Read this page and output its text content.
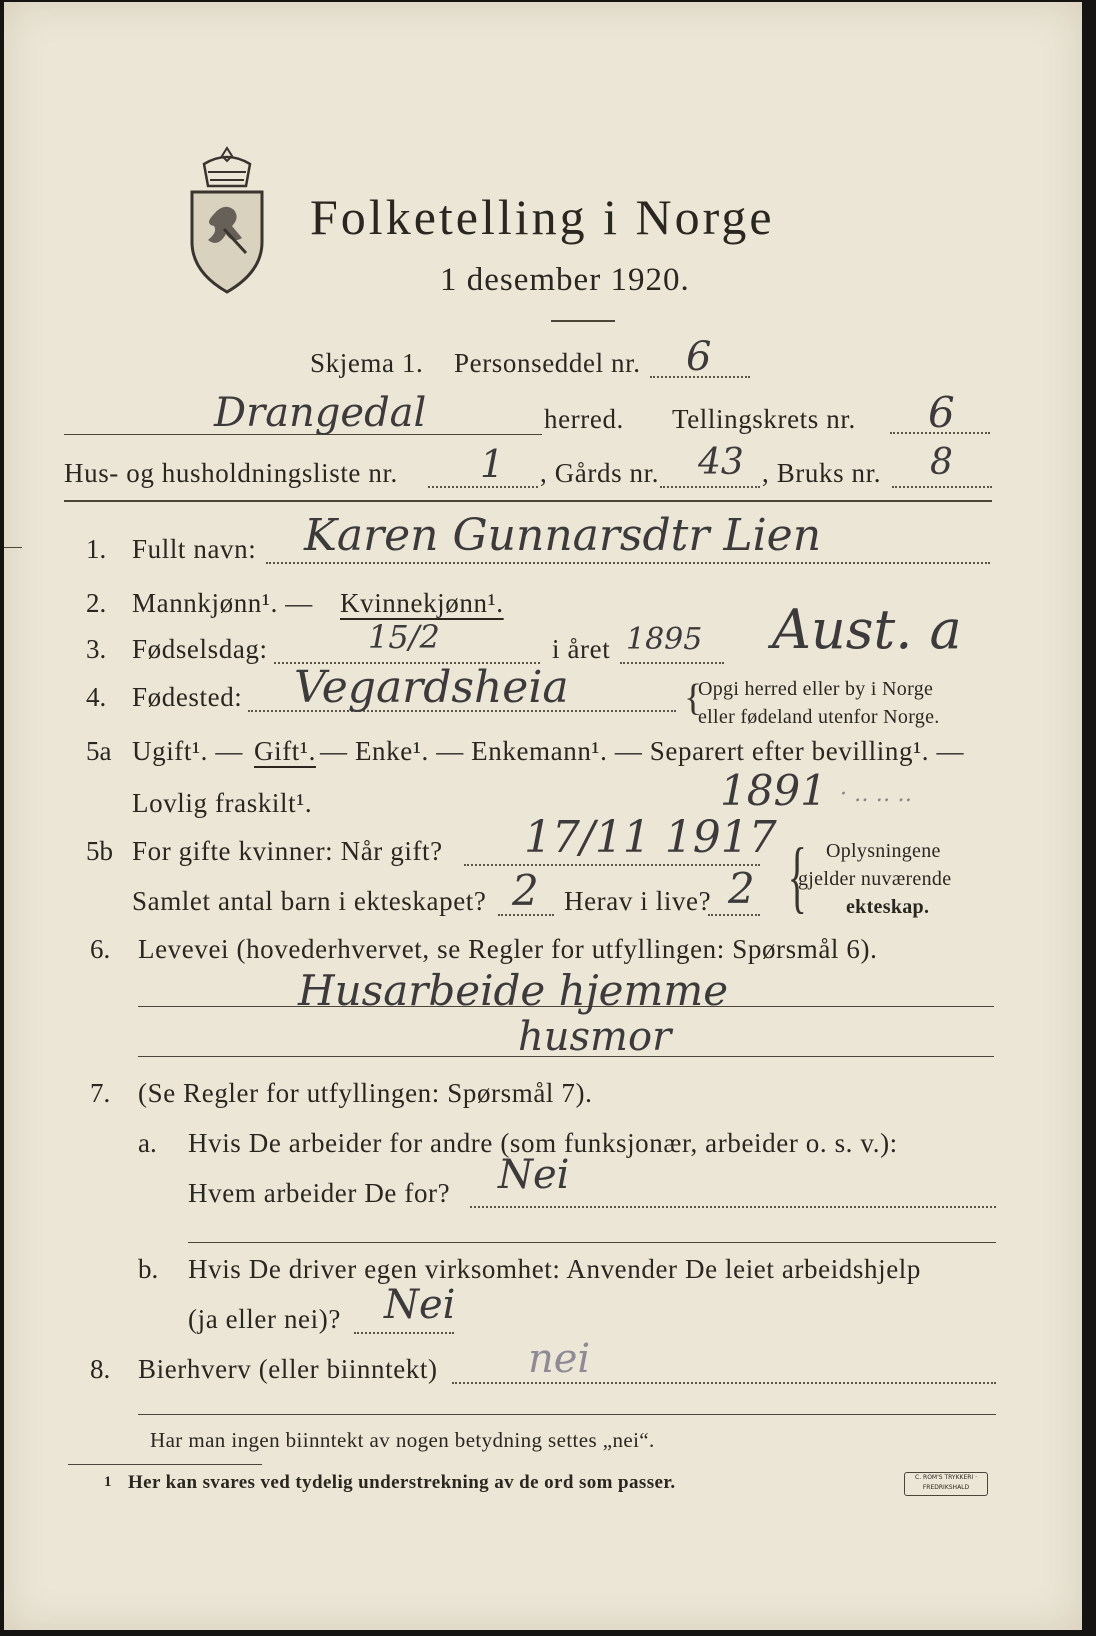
Folketelling i Norge
1 desember 1920.
Skjema 1. Personseddel nr. 6
Drangedal	herred. Tellingskrets nr. 6
Hus- og husholdningsliste nr. 1 , Gårds nr. 43 , Bruks nr. 8
1. Fullt navn: Karen Gunnarsdtr Lien
2. Mannkjønn¹. — Kvinnekjønn¹.
3. Fødselsdag:	15/2	i året 1895 Aust. a
4. Fødested: Vegardsheia	{
Opgi herred eller by i Norge
eller fødeland utenfor Norge.
5a Ugift¹. — Gift¹. — Enke¹. — Enkemann¹. — Separert efter bevilling¹. —
Lovlig fraskilt¹.	1891 · ‥ ‥ ‥
5b For gifte kvinner: Når gift? 17/11 1917
Samlet antal barn i ekteskapet? 2 Herav i live? 2 { Oplysningene
gjelder nuværende
ekteskap.
6. Levevei (hovederhvervet, se Regler for utfyllingen: Spørsmål 6).
Husarbeide hjemme
husmor
7. (Se Regler for utfyllingen: Spørsmål 7).
a. Hvis De arbeider for andre (som funksjonær, arbeider o. s. v.):
Hvem arbeider De for? Nei
b. Hvis De driver egen virksomhet: Anvender De leiet arbeidshjelp
(ja eller nei)? Nei
8. Bierhverv (eller biinntekt) nei
Har man ingen biinntekt av nogen betydning settes „nei“.
1 Her kan svares ved tydelig understrekning av de ord som passer.	C. ROM'S TRYKKERI · FREDRIKSHALD
